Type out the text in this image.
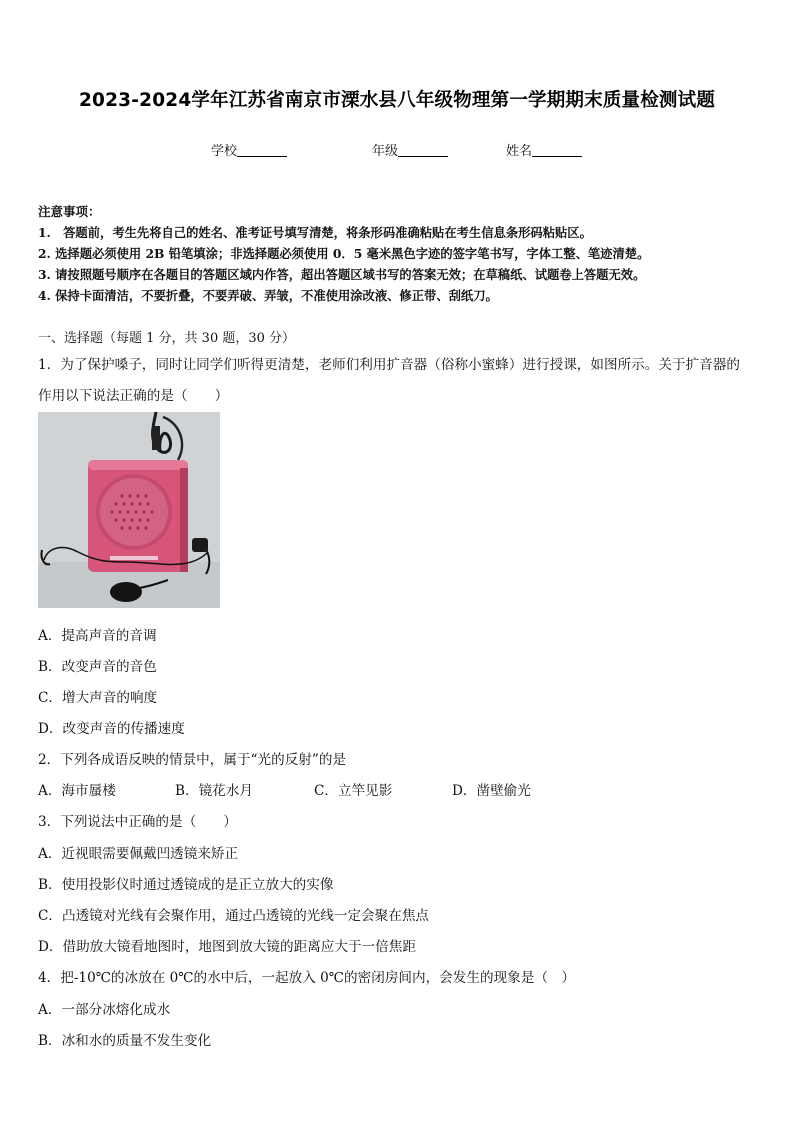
2023-2024学年江苏省南京市溧水县八年级物理第一学期期末质量检测试题
学校	年级	姓名
注意事项：
1.　答题前，考生先将自己的姓名、准考证号填写清楚，将条形码准确粘贴在考生信息条形码粘贴区。
2. 选择题必须使用 2B 铅笔填涂；非选择题必须使用 0．5 毫米黑色字迹的签字笔书写，字体工整、笔迹清楚。
3. 请按照题号顺序在各题目的答题区域内作答，超出答题区域书写的答案无效；在草稿纸、试题卷上答题无效。
4. 保持卡面清洁，不要折叠，不要弄破、弄皱，不准使用涂改液、修正带、刮纸刀。
一、选择题（每题 1 分，共 30 题，30 分）
1．为了保护嗓子，同时让同学们听得更清楚，老师们利用扩音器（俗称小蜜蜂）进行授课，如图所示。关于扩音器的
作用以下说法正确的是（　　）
A．提高声音的音调
B．改变声音的音色
C．增大声音的响度
D．改变声音的传播速度
2．下列各成语反映的情景中，属于“光的反射”的是
A．海市蜃楼	B．镜花水月	C．立竿见影	D．凿壁偷光
3．下列说法中正确的是（　　）
A．近视眼需要佩戴凹透镜来矫正
B．使用投影仪时通过透镜成的是正立放大的实像
C．凸透镜对光线有会聚作用，通过凸透镜的光线一定会聚在焦点
D．借助放大镜看地图时，地图到放大镜的距离应大于一倍焦距
4．把-10℃的冰放在 0℃的水中后，一起放入 0℃的密闭房间内，会发生的现象是（　）
A．一部分冰熔化成水
B．冰和水的质量不发生变化
